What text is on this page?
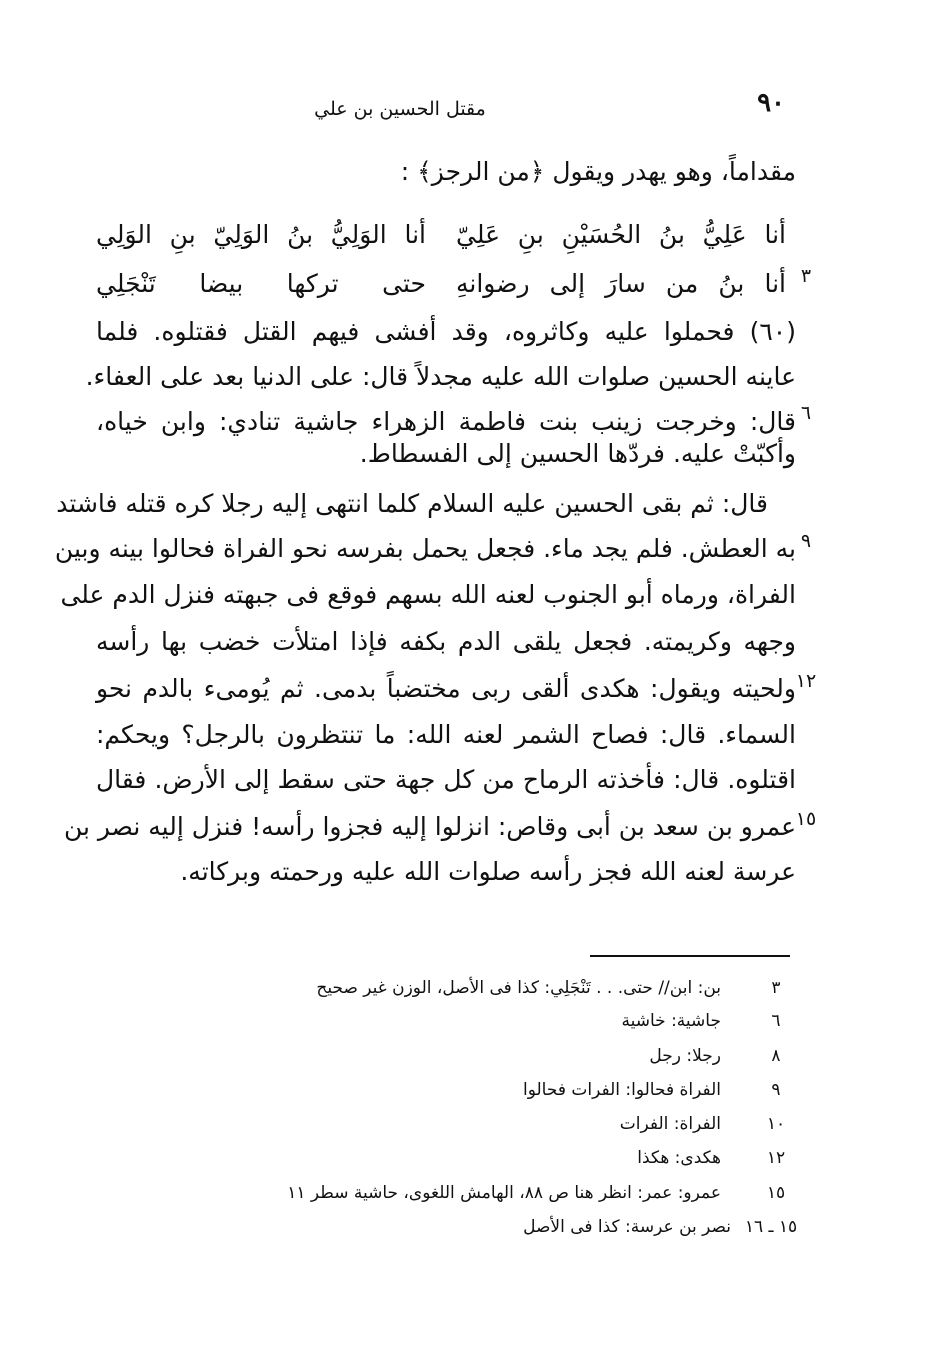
مقتل الحسين بن علي	٩٠
مقداماً، وهو يهدر ويقول ﴿من الرجز﴾ :
أنا عَلِيُّ بنُ الحُسَيْنِ بنِ عَلِيّ
أنا الوَلِيُّ بنُ الوَلِيّ بنِ الوَلِي
٣
أنا بنُ من سارَ إلى رضوانهِ
حتى تركها بيضا تَنْجَلِي
(٦٠) فحملوا عليه وكاثروه، وقد أفشى فيهم القتل فقتلوه. فلما
عاينه الحسين صلوات الله عليه مجدلاً قال: على الدنيا بعد على العفاء.
٦
قال: وخرجت زينب بنت فاطمة الزهراء جاشية تنادي: وابن خياه،
وأكبّتْ عليه. فردّها الحسين إلى الفسطاط.
قال: ثم بقى الحسين عليه السلام كلما انتهى إليه رجلا كره قتله فاشتد
٩
به العطش. فلم يجد ماء. فجعل يحمل بفرسه نحو الفراة فحالوا بينه وبين
الفراة، ورماه أبو الجنوب لعنه الله بسهم فوقع فى جبهته فنزل الدم على
وجهه وكريمته. فجعل يلقى الدم بكفه فإذا امتلأت خضب بها رأسه
١٢
ولحيته ويقول: هكدى ألقى ربى مختضباً بدمى. ثم يُومىء بالدم نحو
السماء. قال: فصاح الشمر لعنه الله: ما تنتظرون بالرجل؟ ويحكم:
اقتلوه. قال: فأخذته الرماح من كل جهة حتى سقط إلى الأرض. فقال
١٥
عمرو بن سعد بن أبى وقاص: انزلوا إليه فجزوا رأسه! فنزل إليه نصر بن
عرسة لعنه الله فجز رأسه صلوات الله عليه ورحمته وبركاته.
٣
بن: ابن// حتى. . . تَنْجَلِي: كذا فى الأصل، الوزن غير صحيح
٦
جاشية: خاشية
٨
رجلا: رجل
٩
الفراة فحالوا: الفرات فحالوا
١٠
الفراة: الفرات
١٢
هكدى: هكذا
١٥
عمرو: عمر: انظر هنا ص ٨٨، الهامش اللغوى، حاشية سطر ١١
١٥ ـ ١٦
نصر بن عرسة: كذا فى الأصل
